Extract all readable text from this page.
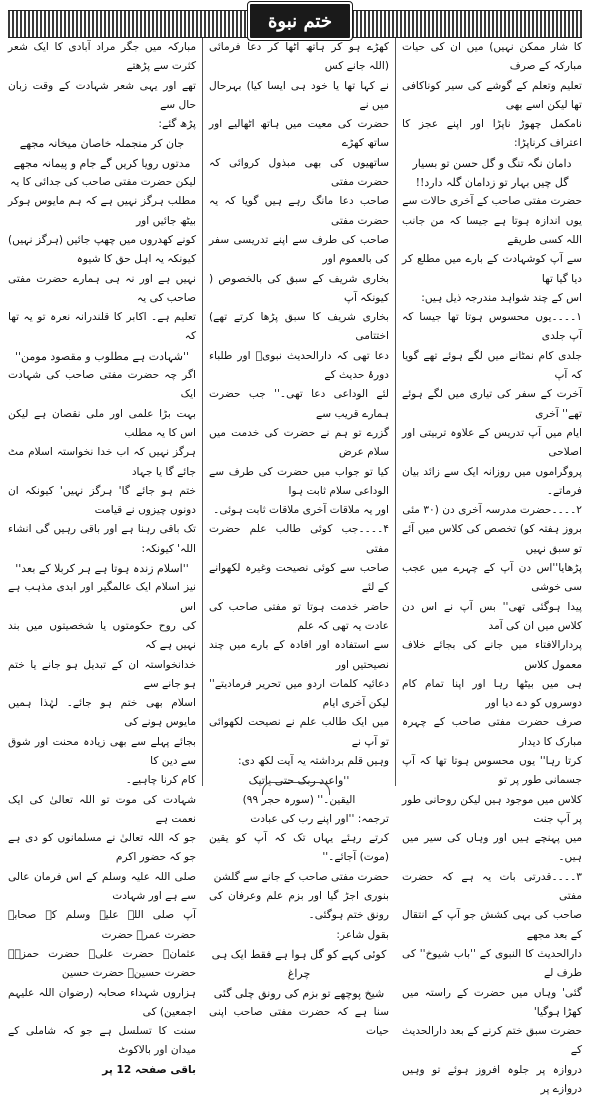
ختم نبوة

کا شار ممکن نہیں) میں ان کی حیات مبارکہ کے صرف

تعلیم وتعلم کے گوشے کی سیر کوناکافی تھا لیکن اسے بھی

نامکمل چھوڑ ناپڑا اور اپنے عجز کا اعتراف کرناپڑا:

دامان نگہ تنگ و گل حسن تو بسیار

گل چیں بہار تو زدامان گلہ دارد!!

حضرت مفتی صاحب کے آخری حالات سے

یوں اندازہ ہوتا ہے جیسا کہ من جانب اللہ کسی طریقے

سے آپ کوشہادت کے بارے میں مطلع کر دیا گیا تھا

اس کے چند شواہد مندرجہ ذیل ہیں:

۱۔۔۔۔یوں محسوس ہوتا تھا جیسا کہ آپ جلدی

جلدی کام نمٹانے میں لگے ہوئے تھے گویا کہ آپ

آخرت کے سفر کی تیاری میں لگے ہوئے تھے'' آخری

ایام میں آپ تدریس کے علاوہ تربیتی اور اصلاحی

پروگراموں میں روزانہ ایک سے زائد بیان فرماتے۔

۲۔۔۔۔حضرت مدرسہ آخری دن (۳۰ مئی

بروز ہفتہ کو) تخصص کی کلاس میں آئے تو سبق نہیں

پڑھایا''اس دن آپ کے چہرے میں عجب سی خوشی

پیدا ہوگئی تھی'' بس آپ نے اس دن کلاس میں ان کی آمد

پردارالافتاء میں جانے کی بجائے خلاف معمول کلاس

ہی میں بیٹھا رہا اور اپنا تمام کام دوسروں کو دے دیا اور

صرف حضرت مفتی صاحب کے چہرہ مبارک کا دیدار

کرتا رہا'' یوں محسوس ہوتا تھا کہ آپ جسمانی طور پر تو

کلاس میں موجود ہیں لیکن روحانی طور پر آپ جنت

میں پہنچے ہیں اور وہاں کی سیر میں ہیں۔

۳۔۔۔۔قدرتی بات یہ ہے کہ حضرت مفتی

صاحب کی بہی کشش جو آپ کے انتقال کے بعد مجھے

دارالحدیث کا النبوی کے ''باب شیوخ'' کی طرف لے

گئی' وہاں میں حضرت کے راستہ میں کھڑا ہوگیا'

حضرت سبق ختم کرنے کے بعد دارالحدیث کے

دروازہ پر جلوہ افروز ہوئے تو وہیں دروازے پر

کھڑے ہو کر ہاتھ اٹھا کر دعا فرمائی (اللہ جانے کس

نے کہا تھا یا خود ہی ایسا کیا) بہرحال میں نے

حضرت کی معیت میں ہاتھ اٹھالیے اور ساتھ کھڑے

ساتھیوں کی بھی مبذول کروائی کہ حضرت مفتی

صاحب دعا مانگ رہے ہیں گویا کہ یہ حضرت مفتی

صاحب کی طرف سے اپنے تدریسی سفر کی بالعموم اور

بخاری شریف کے سبق کی بالخصوص ( کیونکہ آپ

بخاری شریف کا سبق پڑھا کرتے تھے) اختتامی

دعا تھی کہ دارالحدیث نبویؐ اور طلباء دورۂ حدیث کے

لئے الوداعی دعا تھی۔'' جب حضرت ہمارے قریب سے

گزرے تو ہم نے حضرت کی خدمت میں سلام عرض

کیا تو جواب میں حضرت کی طرف سے الوداعی سلام ثابت ہوا

اور یہ ملاقات آخری ملاقات ثابت ہوئی۔

۴۔۔۔۔جب کوئی طالب علم حضرت مفتی

صاحب سے کوئی نصیحت وغیرہ لکھوانے کے لئے

حاضر خدمت ہوتا تو مفتی صاحب کی عادت یہ تھی کہ علم

سے استفادہ اور افادہ کے بارے میں چند نصیحتیں اور

دعائیہ کلمات اردو میں تحریر فرمادیتے'' لیکن آخری ایام

میں ایک طالب علم نے نصیحت لکھوائی تو آپ نے

وہیں قلم برداشتہ یہ آیت لکھ دی:

''واعبد ربک حتی یاتیک

الیقین۔'' (سورہ حجر ۹۹)

ترجمہ: ''اور اپنے رب کی عبادت

کرتے رہئے یہاں تک کہ آپ کو یقین (موت) آجائے۔''

حضرت مفتی صاحب کے جانے سے گلشن

بنوری اجڑ گیا اور بزم علم وعرفان کی رونق ختم ہوگئی۔

بقول شاعر:

کوئی کہے کو گل ہوا ہے فقط ایک ہی چراغ

شیخ پوچھے تو بزم کی رونق چلی گئی

سنا ہے کہ حضرت مفتی صاحب اپنی حیات

مبارکہ میں جگر مراد آبادی کا ایک شعر کثرت سے پڑھتے

تھے اور یہی شعر شہادت کے وقت زبان حال سے

پڑھ گئے:

جان کر منجملہ خاصان میخانہ مجھے

مدتوں رویا کریں گے جام و پیمانہ مجھے

لیکن حضرت مفتی صاحب کی جدائی کا یہ

مطلب ہرگز نہیں ہے کہ ہم مایوس ہوکر بیٹھ جائیں اور

کونے کھدروں میں چھپ جائیں (ہرگز نہیں) کیونکہ یہ اہل حق کا شیوہ

نہیں ہے اور نہ ہی ہمارے حضرت مفتی صاحب کی یہ

تعلیم ہے۔ اکابر کا قلندرانہ نعرہ تو یہ تھا کہ

''شہادت ہے مطلوب و مقصود مومن''

اگر چہ حضرت مفتی صاحب کی شہادت ایک

بہت بڑا علمی اور ملی نقصان ہے لیکن اس کا یہ مطلب

ہرگز نہیں کہ اب خدا نخواستہ اسلام مٹ جائے گا یا جہاد

ختم ہو جائے گا' ہرگز نہیں' کیونکہ ان دونوں چیزوں نے قیامت

تک باقی رہنا ہے اور باقی رہیں گی انشاء اللہ' کیونکہ:

''اسلام زندہ ہوتا ہے ہر کربلا کے بعد''

نیز اسلام ایک عالمگیر اور ابدی مذہب ہے اس

کی روح حکومتوں یا شخصیتوں میں بند نہیں ہے کہ

خدانخواستہ ان کے تبدیل ہو جانے یا ختم ہو جانے سے

اسلام بھی ختم ہو جائے۔ لہٰذا ہمیں مایوس ہونے کی

بجائے پہلے سے بھی زیادہ محنت اور شوق سے دین کا

کام کرنا چاہیے۔

شہادت کی موت تو اللہ تعالیٰ کی ایک نعمت ہے

جو کہ اللہ تعالیٰ نے مسلمانوں کو دی ہے جو کہ حضور اکرم

صلی اللہ علیہ وسلم کے اس فرمان عالی سے ہے اور شہادت

آپ صلی اللہ علیہ وسلم کے صحابہ حضرت عمرؓ حضرت

عثمانؓ حضرت علیؓ حضرت حمزہؓ حضرت حسینؓ حضرت حسین

ہزاروں شہداء صحابہ (رضوان اللہ علیہم اجمعین) کی

سنت کا تسلسل ہے جو کہ شاملی کے میدان اور بالاکوٹ

باقی صفحہ 12 پر
